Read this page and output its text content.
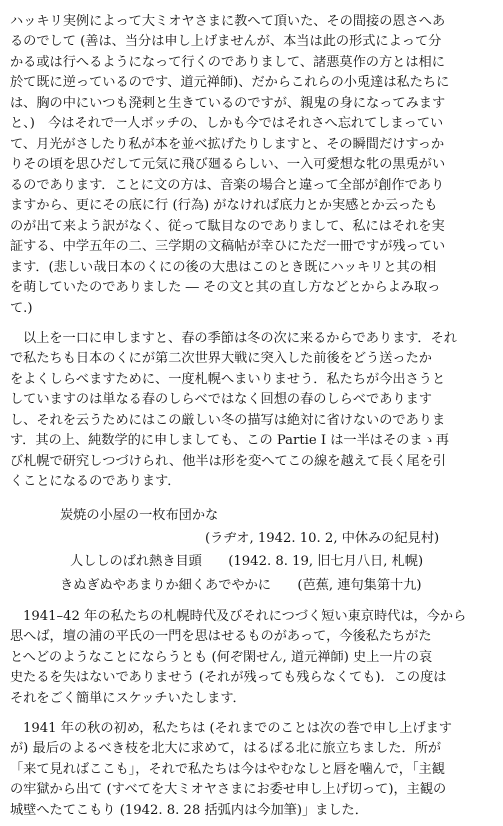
ハッキリ実例によって大ミオヤさまに教へて頂いた、その間接の恩さへあ
るのでして (善は、当分は申し上げませんが、本当は此の形式によって分
かる或は行へるようになって行くのでありまして、諸悪莫作の方とは相に
於て既に逆っているのです、道元禅師)、だからこれらの小兎達は私たちに
は、胸の中にいつも溌剌と生きているのですが、親鬼の身になってみます
と、)　今はそれで一人ボッチの、しかも今ではそれさへ忘れてしまってい
て、月光がさしたり私が本を並べ拡げたりしますと、その瞬間だけすっか
りその頃を思ひだして元気に飛び廻るらしい、一入可愛想な牝の黒兎がい
るのであります．ことに文の方は、音楽の場合と違って全部が創作であり
ますから、更にその底に行 (行為) がなければ底力とか実感とか云ったも
のが出て来よう訳がなく、従って駄目なのでありまして、私にはそれを実
証する、中学五年の二、三学期の文稿帖が幸ひにただ一冊ですが残ってい
ます．(悲しい哉日本のくにの後の大患はこのとき既にハッキリと其の相
を萌していたのでありました ― その文と其の直し方などとからよみ取っ
て.)
以上を一口に申しますと、春の季節は冬の次に来るからであります．それ
で私たちも日本のくにが第二次世界大戦に突入した前後をどう送ったか
をよくしらべますために、一度札幌へまいりませう．私たちが今出さうと
していますのは単なる春のしらべではなく回想の春のしらべであります
し、それを云うためにはこの厳しい冬の描写は絶対に省けないのでありま
す．其の上、純数学的に申しましても、この Partie I は一半はそのまゝ再
び札幌で研究しつづけられ、他半は形を変へてこの線を越えて長く尾を引
くことになるのであります．
炭焼の小屋の一枚布団かな
(ラヂオ, 1942. 10. 2, 中休みの紀見村)
人ししのばれ熱き目頭　　(1942. 8. 19, 旧七月八日, 札幌)
きぬぎぬやあまりか細くあでやかに　　(芭蕉, 連句集第十九)
1941–42 年の私たちの札幌時代及びそれにつづく短い東京時代は，今から
思へば，壇の浦の平氏の一門を思はせるものがあって，今後私たちがた
とへどのようなことにならうとも (何ぞ閑せん, 道元禅師) 史上一片の哀
史たるを失はないでありませう (それが残っても残らなくても)．この度は
それをごく簡単にスケッチいたします．
1941 年の秋の初め，私たちは (それまでのことは次の巻で申し上げます
が) 最后のよるべき枝を北大に求めて，はるばる北に旅立ちました．所が
「来て見ればここも」，それで私たちは今はやむなしと唇を噛んで，「主観
の牢獄から出て (すべてを大ミオヤさまにお委せ申し上げ切って)，主観の
城壁へたてこもり (1942. 8. 28 括弧内は今加筆)」ました．
